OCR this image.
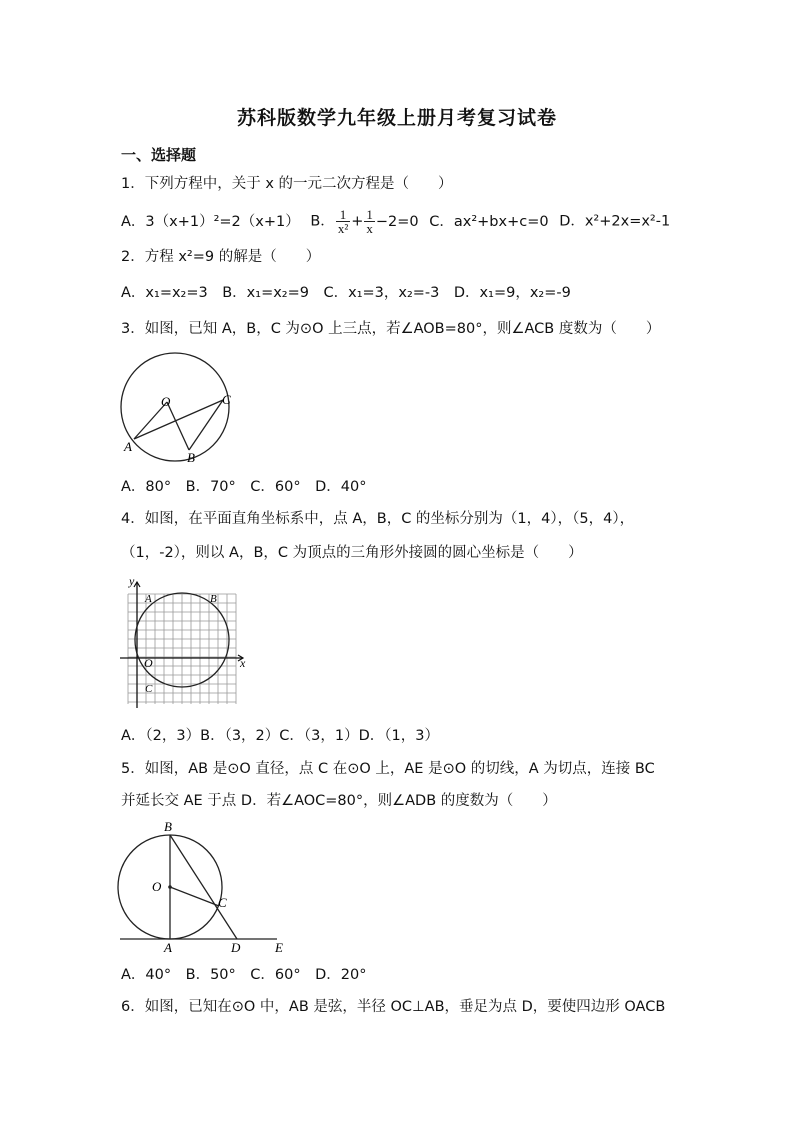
苏科版数学九年级上册月考复习试卷
一、选择题
1．下列方程中，关于 x 的一元二次方程是（　　）
A．3（x+1）²=2（x+1） B． $\frac{1}{\text{x²}} + \frac{1}{x} -2=0$ C．ax²+bx+c=0 D．x²+2x=x²-1
2．方程 x²=9 的解是（　　）
A．x₁=x₂=3　B．x₁=x₂=9　C．x₁=3，x₂=-3　D．x₁=9，x₂=-9
3．如图，已知 A，B，C 为⊙O 上三点，若∠AOB=80°，则∠ACB 度数为（　　）
O
A
B
C
A．80°　B．70°　C．60°　D．40°
4．如图，在平面直角坐标系中，点 A，B，C 的坐标分别为（1，4），（5，4），
（1，-2），则以 A，B，C 为顶点的三角形外接圆的圆心坐标是（　　）
y
x
O
A	B
C
A．（2，3）B．（3，2）C．（3，1）D．（1，3）
5．如图，AB 是⊙O 直径，点 C 在⊙O 上，AE 是⊙O 的切线，A 为切点，连接 BC
并延长交 AE 于点 D．若∠AOC=80°，则∠ADB 的度数为（　　）
B
O
C
A	D	E
A．40°　B．50°　C．60°　D．20°
6．如图，已知在⊙O 中，AB 是弦，半径 OC⊥AB，垂足为点 D，要使四边形 OACB
